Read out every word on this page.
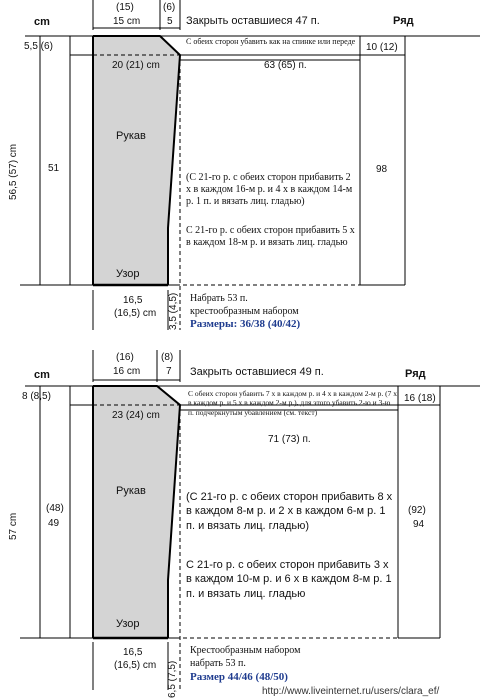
cm	Ряд
(15)
15 cm
(6)
5 Закрыть оставшиеся 47 п.
5,5 (6)
56,5 (57) cm	51
С обеих сторон убавить как на спинке или переде
10 (12)
20 (21) cm	63 (65) п.
Рукав
Узор
(С 21-го р. с обеих сторон прибавить 2 х в каждом 16-м р. и 4 х в каждом 14-м р. 1 п. и вязать лиц. гладью)
С 21-го р. с обеих сторон прибавить 5 х в каждом 18-м р. и вязать лиц. гладью
98
16,5
(16,5) cm 3,5 (4,5) Набрать 53 п.
крестообразным набором
Размеры: 36/38 (40/42)
cm	Ряд
(16)
16 cm
(8)
7 Закрыть оставшиеся 49 п.
8 (8,5)
57 cm
(48)
49
С обеих сторон убавить 7 х в каждом р. и 4 х в каждом 2-м р. (7 х в каждом р. и 5 х в каждом 2-м р.), для этого убавить 2-ю и 3-ю п. подчеркнутым убавлением (см. текст)
16 (18)
23 (24) cm
71 (73) п.
Рукав
Узор
(С 21-го р. с обеих сторон прибавить 8 х в каждом 8-м р. и 2 х в каждом 6-м р. 1 п. и вязать лиц. гладью)
С 21-го р. с обеих сторон прибавить 3 х в каждом 10-м р. и 6 х в каждом 8-м р. 1 п. и вязать лиц. гладью
(92)
94
16,5
(16,5) cm 6,5 (7,5)
Крестообразным набором
набрать 53 п.
Размер 44/46 (48/50)
http://www.liveinternet.ru/users/clara_ef/
